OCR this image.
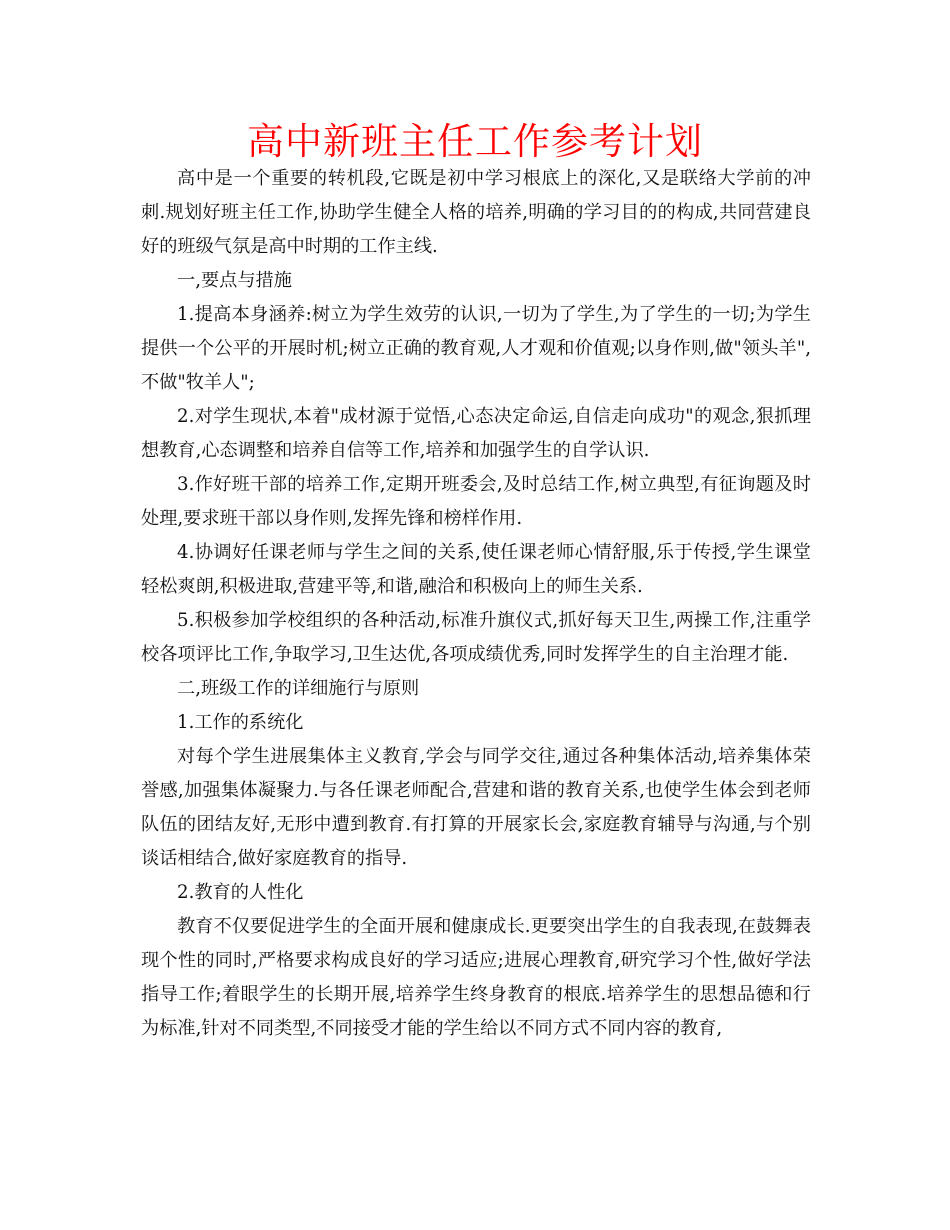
高中新班主任工作参考计划

高中是一个重要的转机段,它既是初中学习根底上的深化,又是联络大学前的冲刺.规划好班主任工作,协助学生健全人格的培养,明确的学习目的的构成,共同营建良好的班级气氛是高中时期的工作主线.

一,要点与措施

1.提高本身涵养:树立为学生效劳的认识,一切为了学生,为了学生的一切;为学生提供一个公平的开展时机;树立正确的教育观,人才观和价值观;以身作则,做"领头羊",不做"牧羊人";

2.对学生现状,本着"成材源于觉悟,心态决定命运,自信走向成功"的观念,狠抓理想教育,心态调整和培养自信等工作,培养和加强学生的自学认识.

3.作好班干部的培养工作,定期开班委会,及时总结工作,树立典型,有征询题及时处理,要求班干部以身作则,发挥先锋和榜样作用.

4.协调好任课老师与学生之间的关系,使任课老师心情舒服,乐于传授,学生课堂轻松爽朗,积极进取,营建平等,和谐,融洽和积极向上的师生关系.

5.积极参加学校组织的各种活动,标准升旗仪式,抓好每天卫生,两操工作,注重学校各项评比工作,争取学习,卫生达优,各项成绩优秀,同时发挥学生的自主治理才能.

二,班级工作的详细施行与原则

1.工作的系统化

对每个学生进展集体主义教育,学会与同学交往,通过各种集体活动,培养集体荣誉感,加强集体凝聚力.与各任课老师配合,营建和谐的教育关系,也使学生体会到老师队伍的团结友好,无形中遭到教育.有打算的开展家长会,家庭教育辅导与沟通,与个别谈话相结合,做好家庭教育的指导.

2.教育的人性化

教育不仅要促进学生的全面开展和健康成长.更要突出学生的自我表现,在鼓舞表现个性的同时,严格要求构成良好的学习适应;进展心理教育,研究学习个性,做好学法指导工作;着眼学生的长期开展,培养学生终身教育的根底.培养学生的思想品德和行为标准,针对不同类型,不同接受才能的学生给以不同方式不同内容的教育,
